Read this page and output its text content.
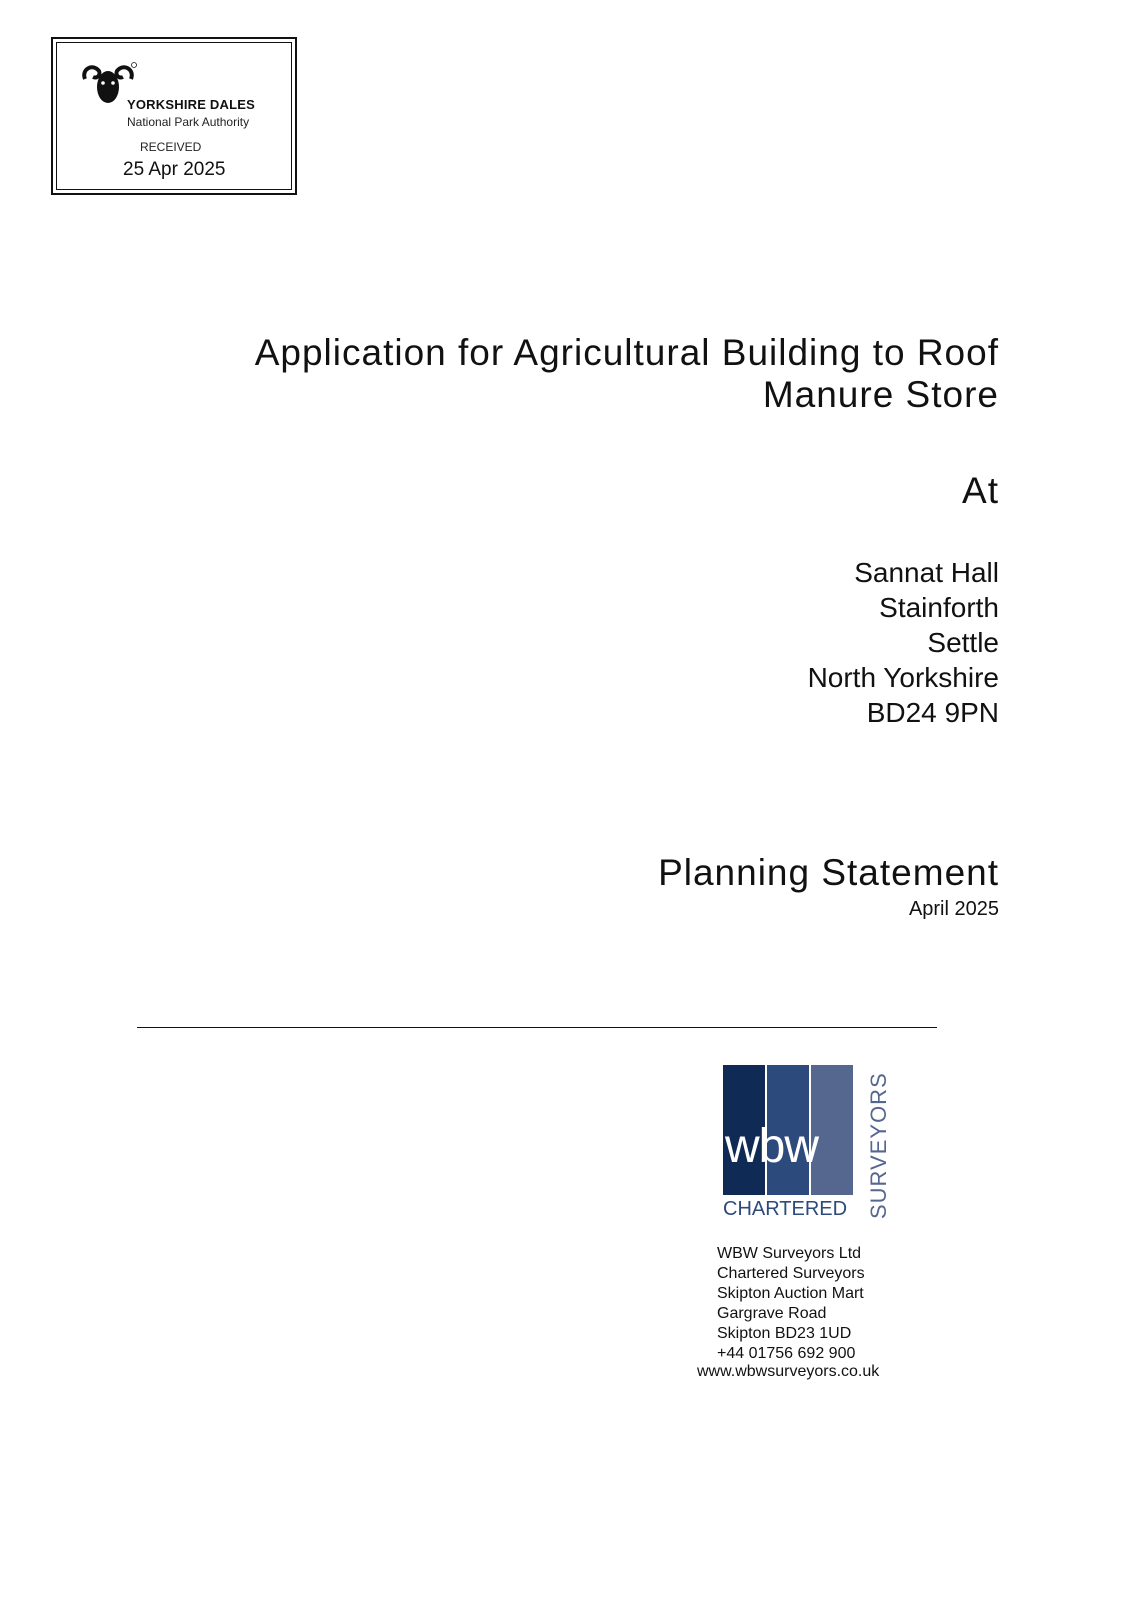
YORKSHIRE DALES
National Park Authority
RECEIVED
25 Apr 2025
Application for Agricultural Building to Roof
Manure Store
At
Sannat Hall
Stainforth
Settle
North Yorkshire
BD24 9PN
Planning Statement
April 2025
wbw
CHARTERED SURVEYORS
WBW Surveyors Ltd
Chartered Surveyors
Skipton Auction Mart
Gargrave Road
Skipton BD23 1UD
+44 01756 692 900
www.wbwsurveyors.co.uk
